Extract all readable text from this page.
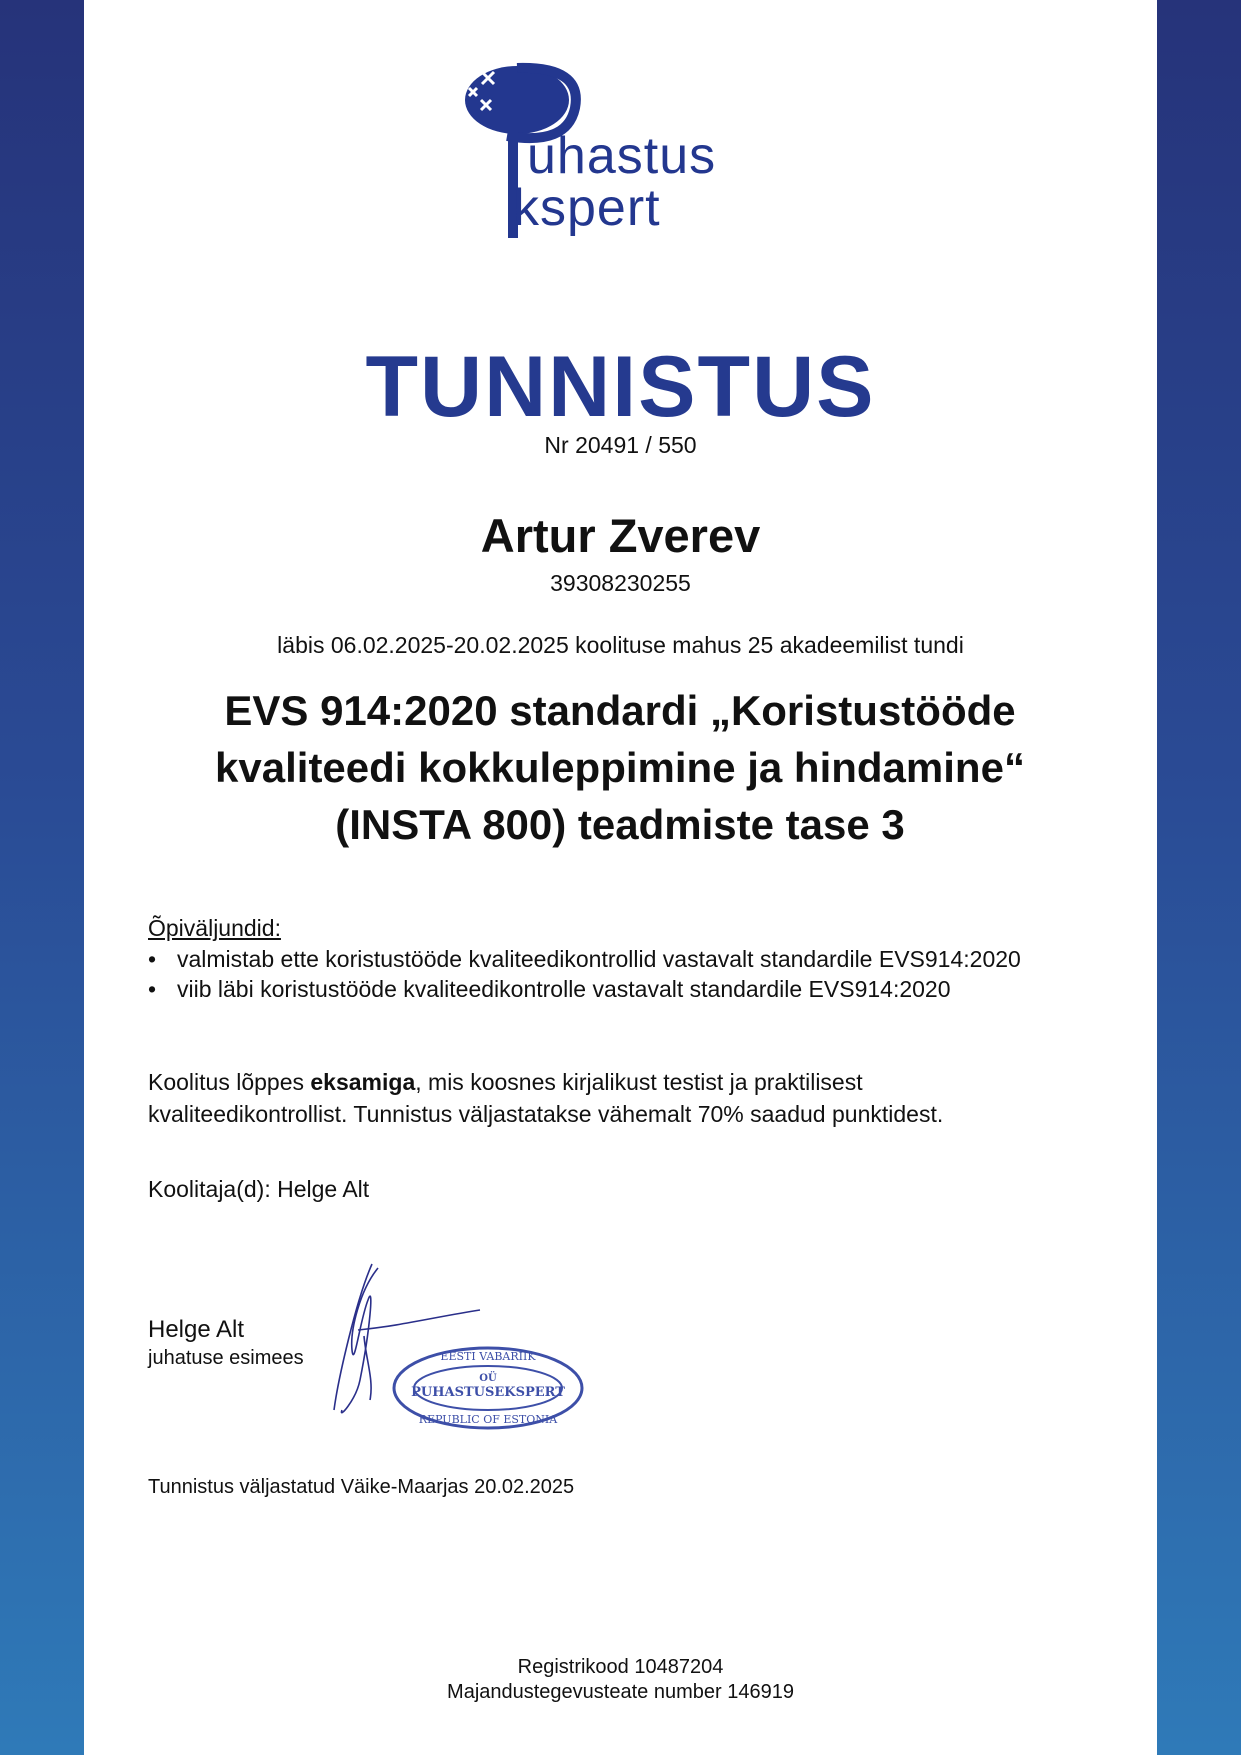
uhastus
kspert
TUNNISTUS
Nr 20491 / 550
Artur Zverev
39308230255
läbis 06.02.2025-20.02.2025 koolituse mahus 25 akadeemilist tundi
EVS 914:2020 standardi „Koristustööde kvaliteedi kokkuleppimine ja hindamine“ (INSTA 800) teadmiste tase 3
Õpiväljundid:
• valmistab ette koristustööde kvaliteedikontrollid vastavalt standardile EVS914:2020
• viib läbi koristustööde kvaliteedikontrolle vastavalt standardile EVS914:2020
Koolitus lõppes eksamiga, mis koosnes kirjalikust testist ja praktilisest kvaliteedikontrollist. Tunnistus väljastatakse vähemalt 70% saadud punktidest.
Koolitaja(d): Helge Alt
Helge Alt
juhatuse esimees	EESTI VABARIIK
OÜ
PUHASTUSEKSPERT
REPUBLIC OF ESTONIA
Tunnistus väljastatud Väike-Maarjas 20.02.2025
Registrikood 10487204
Majandustegevusteate number 146919
